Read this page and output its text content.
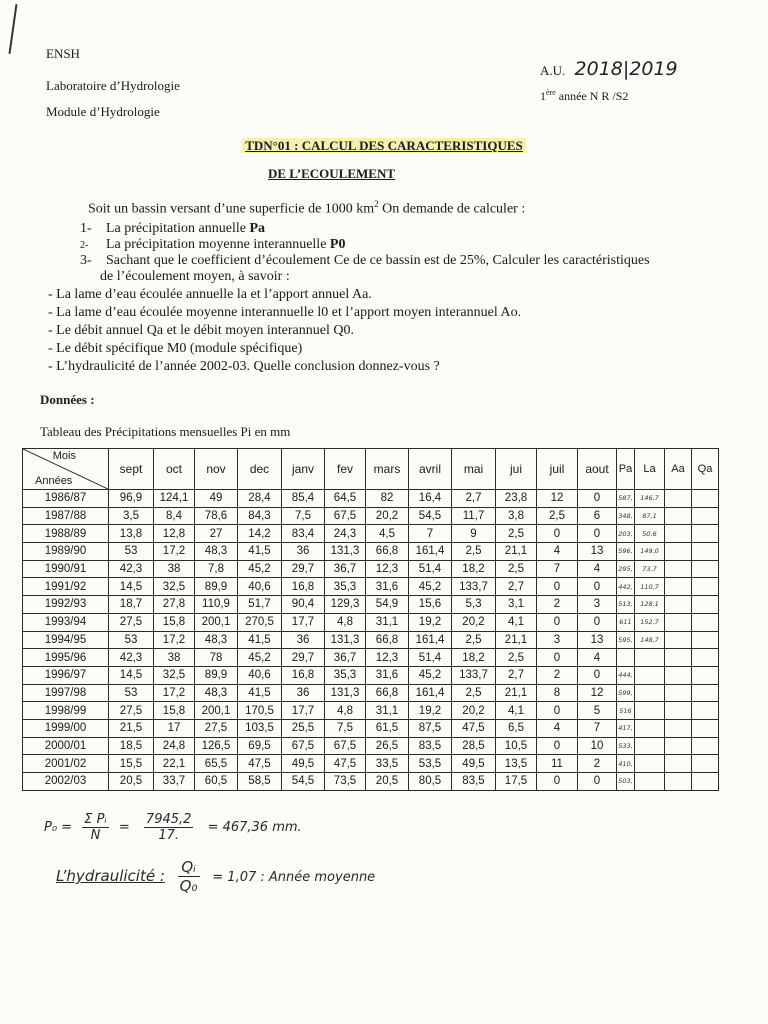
ENSH
Laboratoire d’Hydrologie
Module d’Hydrologie
A.U. 2018|2019
1ère année N R /S2
TDN°01 : CALCUL DES CARACTERISTIQUES
DE L’ECOULEMENT
Soit un bassin versant d’une superficie de 1000 $km^2$ On demande de calculer :
1- La précipitation annuelle Pa
2- La précipitation moyenne interannuelle P0
3- Sachant que le coefficient d’écoulement Ce de ce bassin est de 25%, Calculer les caractéristiques
de l’écoulement moyen, à savoir :
- La lame d’eau écoulée annuelle la et l’apport annuel Aa.
- La lame d’eau écoulée moyenne interannuelle l0 et l’apport moyen interannuel Ao.
- Le débit annuel Qa et le débit moyen interannuel Q0.
- Le débit spécifique M0 (module spécifique)
- L’hydraulicité de l’année 2002-03. Quelle conclusion donnez-vous ?
Données :
Tableau des Précipitations mensuelles Pi en mm
Mois
Années	sept	oct	nov	dec	janv	fev	mars	avril	mai	jui	juil	aout	Pa	La	Aa	Qa
1986/87	96,9	124,1	49	28,4	85,4	64,5	82	16,4	2,7	23,8	12	0	587,	146,7		
1987/88	3,5	8,4	78,6	84,3	7,5	67,5	20,2	54,5	11,7	3,8	2,5	6	348,	87,1		
1988/89	13,8	12,8	27	14,2	83,4	24,3	4,5	7	9	2,5	0	0	203,	50,6		
1989/90	53	17,2	48,3	41,5	36	131,3	66,8	161,4	2,5	21,1	4	13	596,	149,0		
1990/91	42,3	38	7,8	45,2	29,7	36,7	12,3	51,4	18,2	2,5	7	4	295,	73,7		
1991/92	14,5	32,5	89,9	40,6	16,8	35,3	31,6	45,2	133,7	2,7	0	0	442,	110,7		
1992/93	18,7	27,8	110,9	51,7	90,4	129,3	54,9	15,6	5,3	3,1	2	3	513,	128,1		
1993/94	27,5	15,8	200,1	270,5	17,7	4,8	31,1	19,2	20,2	4,1	0	0	611	152,7		
1994/95	53	17,2	48,3	41,5	36	131,3	66,8	161,4	2,5	21,1	3	13	595,	148,7		
1995/96	42,3	38	78	45,2	29,7	36,7	12,3	51,4	18,2	2,5	0	4				
1996/97	14,5	32,5	89,9	40,6	16,8	35,3	31,6	45,2	133,7	2,7	2	0	444,			
1997/98	53	17,2	48,3	41,5	36	131,3	66,8	161,4	2,5	21,1	8	12	599,			
1998/99	27,5	15,8	200,1	170,5	17,7	4,8	31,1	19,2	20,2	4,1	0	5	516			
1999/00	21,5	17	27,5	103,5	25,5	7,5	61,5	87,5	47,5	6,5	4	7	417,			
2000/01	18,5	24,8	126,5	69,5	67,5	67,5	26,5	83,5	28,5	10,5	0	10	533,			
2001/02	15,5	22,1	65,5	47,5	49,5	47,5	33,5	53,5	49,5	13,5	11	2	410,			
2002/03	20,5	33,7	60,5	58,5	54,5	73,5	20,5	80,5	83,5	17,5	0	0	503,			
$P_0 = \frac{\text{Σ Pᵢ}}{N} = \frac{7945,2}{17.} = 467,36$ mm.
L’hydraulicité : $\frac{\text{Qᵢ}}{\text{Q₀}} = 1,07$ : Année moyenne
